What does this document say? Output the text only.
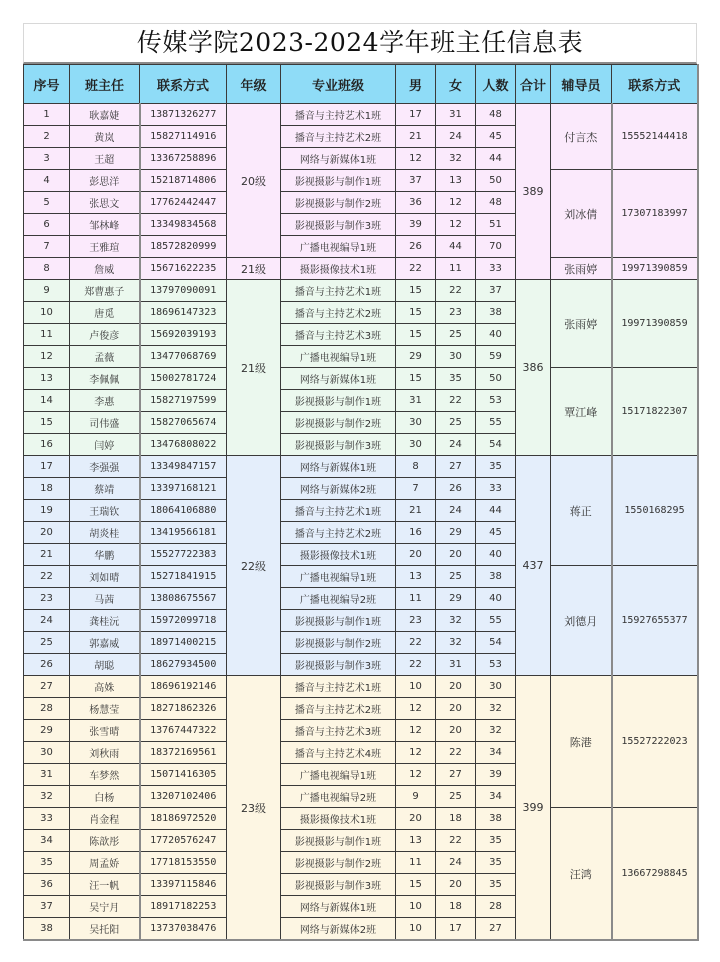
传媒学院2023-2024学年班主任信息表
序号	班主任	联系方式	年级	专业班级	男	女	人数	合计	辅导员	联系方式
1	耿嘉婕	13871326277	20级	播音与主持艺术1班	17	31	48	389	付言杰	15552144418
2	黄岚	15827114916		播音与主持艺术2班	21	24	45			
3	王超	13367258896		网络与新媒体1班	12	32	44			
4	彭思洋	15218714806		影视摄影与制作1班	37	13	50		刘冰倩	17307183997
5	张思文	17762442447		影视摄影与制作2班	36	12	48			
6	邹林峰	13349834568		影视摄影与制作3班	39	12	51			
7	王雅瑄	18572820999		广播电视编导1班	26	44	70			
8	詹威	15671622235	21级	摄影摄像技术1班	22	11	33		张雨婷	19971390859
9	郑曹惠子	13797090091	21级	播音与主持艺术1班	15	22	37	386	张雨婷	19971390859
10	唐觅	18696147323		播音与主持艺术2班	15	23	38			
11	卢俊彦	15692039193		播音与主持艺术3班	15	25	40			
12	孟薇	13477068769		广播电视编导1班	29	30	59			
13	李佩佩	15002781724		网络与新媒体1班	15	35	50		覃江峰	15171822307
14	李惠	15827197599		影视摄影与制作1班	31	22	53			
15	司伟盛	15827065674		影视摄影与制作2班	30	25	55			
16	闫婷	13476808022		影视摄影与制作3班	30	24	54			
17	李强强	13349847157	22级	网络与新媒体1班	8	27	35	437	蒋正	1550168295
18	蔡靖	13397168121		网络与新媒体2班	7	26	33			
19	王瑞钦	18064106880		播音与主持艺术1班	21	24	44			
20	胡炎桂	13419566181		播音与主持艺术2班	16	29	45			
21	华鹏	15527722383		摄影摄像技术1班	20	20	40			
22	刘如晴	15271841915		广播电视编导1班	13	25	38		刘德月	15927655377
23	马茜	13808675567		广播电视编导2班	11	29	40			
24	龚桂沅	15972099718		影视摄影与制作1班	23	32	55			
25	郭嘉威	18971400215		影视摄影与制作2班	22	32	54			
26	胡聪	18627934500		影视摄影与制作3班	22	31	53			
27	高姝	18696192146	23级	播音与主持艺术1班	10	20	30	399	陈港	15527222023
28	杨慧莹	18271862326		播音与主持艺术2班	12	20	32			
29	张雪晴	13767447322		播音与主持艺术3班	12	20	32			
30	刘秋雨	18372169561		播音与主持艺术4班	12	22	34			
31	车梦然	15071416305		广播电视编导1班	12	27	39			
32	白杨	13207102406		广播电视编导2班	9	25	34			
33	肖金程	18186972520		摄影摄像技术1班	20	18	38		汪鸿	13667298845
34	陈歆彤	17720576247		影视摄影与制作1班	13	22	35			
35	周孟娇	17718153550		影视摄影与制作2班	11	24	35			
36	汪一帆	13397115846		影视摄影与制作3班	15	20	35			
37	吴宁月	18917182253		网络与新媒体1班	10	18	28			
38	吴托阳	13737038476		网络与新媒体2班	10	17	27			
